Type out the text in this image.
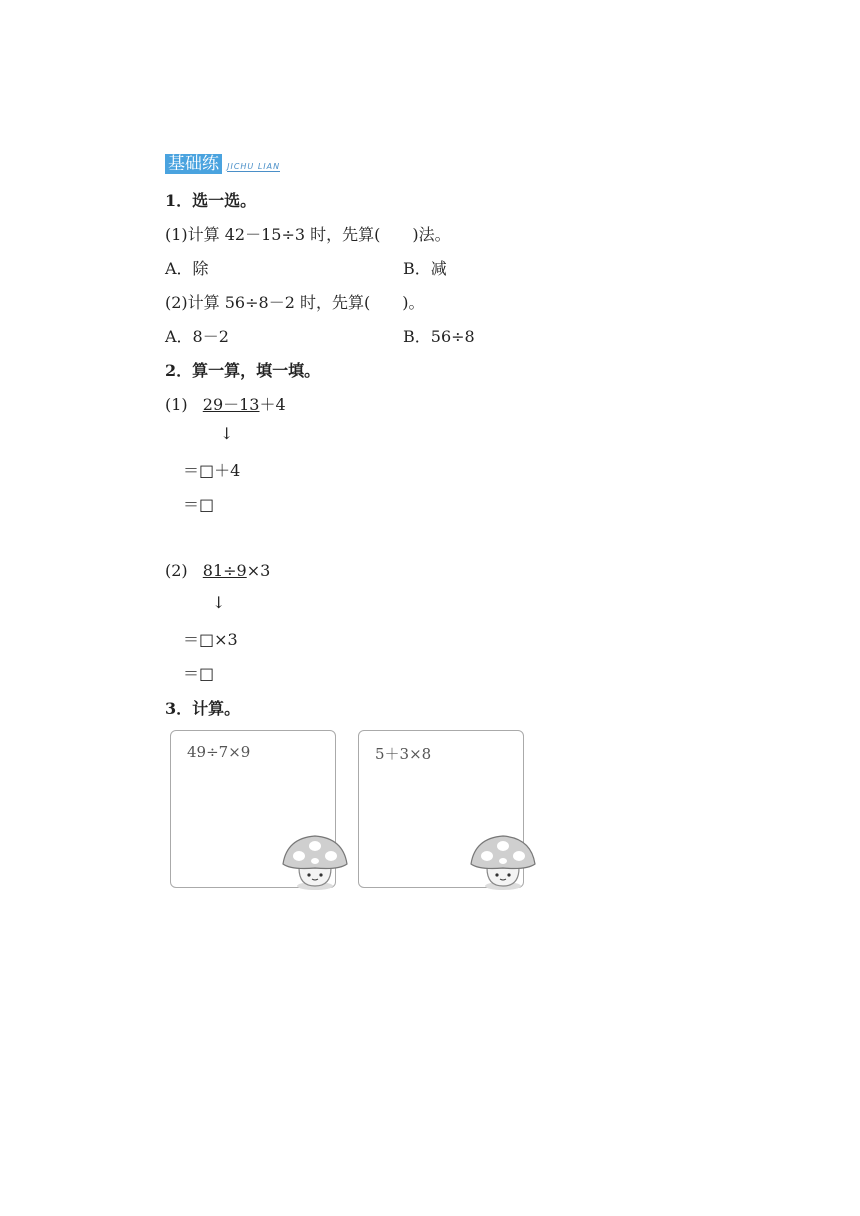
基础练 JICHU LIAN
1．选一选。
(1)计算 42－15÷3 时，先算(　　)法。
A．除	B．减
(2)计算 56÷8－2 时，先算(　　)。
A．8－2	B．56÷8
2．算一算，填一填。
(1) 29－13＋4
↓
＝□＋4
＝□
(2) 81÷9×3
↓
＝□×3
＝□
3．计算。
49÷7×9	5＋3×8
